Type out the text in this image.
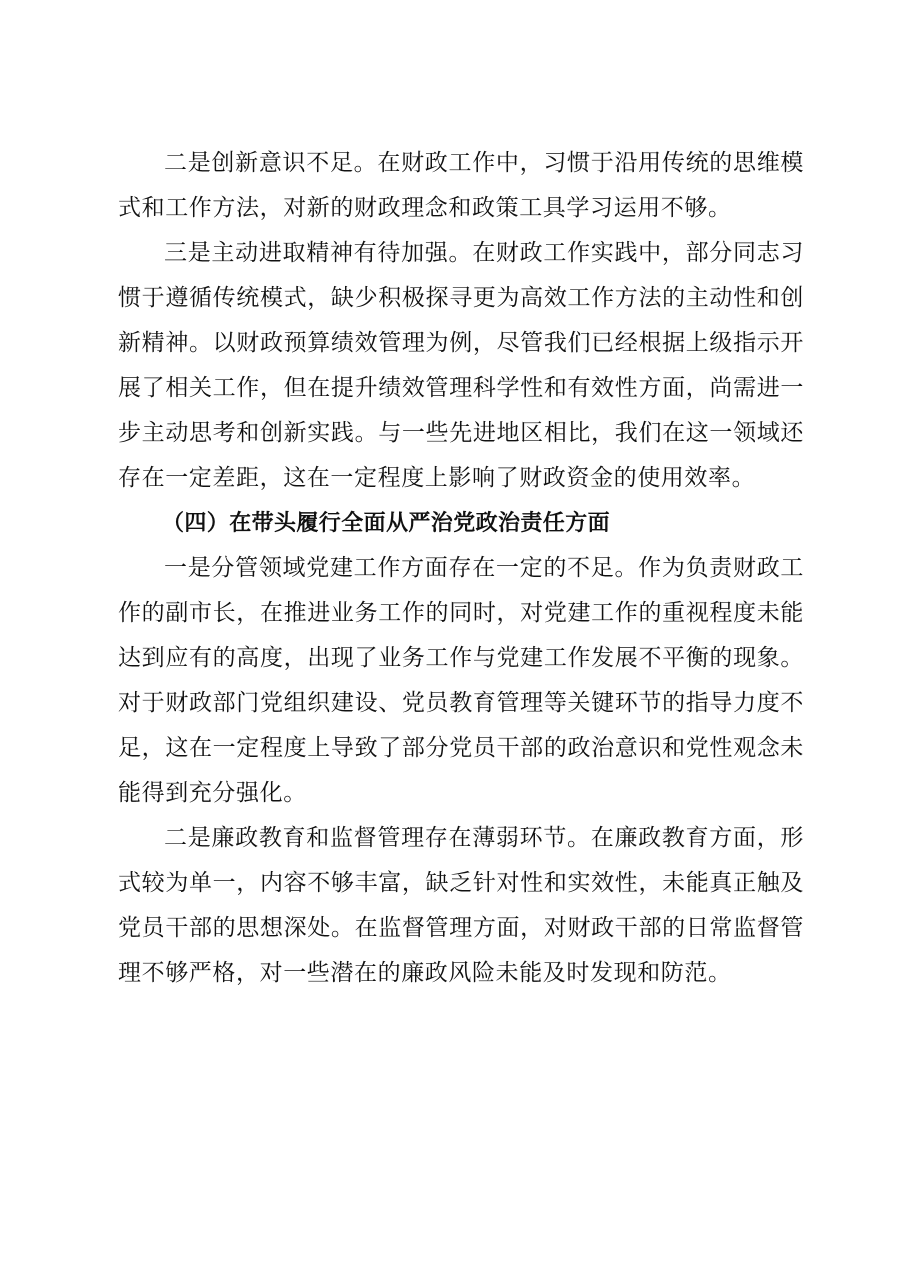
二是创新意识不足。在财政工作中，习惯于沿用传统的思维模式和工作方法，对新的财政理念和政策工具学习运用不够。

三是主动进取精神有待加强。在财政工作实践中，部分同志习惯于遵循传统模式，缺少积极探寻更为高效工作方法的主动性和创新精神。以财政预算绩效管理为例，尽管我们已经根据上级指示开展了相关工作，但在提升绩效管理科学性和有效性方面，尚需进一步主动思考和创新实践。与一些先进地区相比，我们在这一领域还存在一定差距，这在一定程度上影响了财政资金的使用效率。

（四）在带头履行全面从严治党政治责任方面

一是分管领域党建工作方面存在一定的不足。作为负责财政工作的副市长，在推进业务工作的同时，对党建工作的重视程度未能达到应有的高度，出现了业务工作与党建工作发展不平衡的现象。对于财政部门党组织建设、党员教育管理等关键环节的指导力度不足，这在一定程度上导致了部分党员干部的政治意识和党性观念未能得到充分强化。

二是廉政教育和监督管理存在薄弱环节。在廉政教育方面，形式较为单一，内容不够丰富，缺乏针对性和实效性，未能真正触及党员干部的思想深处。在监督管理方面，对财政干部的日常监督管理不够严格，对一些潜在的廉政风险未能及时发现和防范。
